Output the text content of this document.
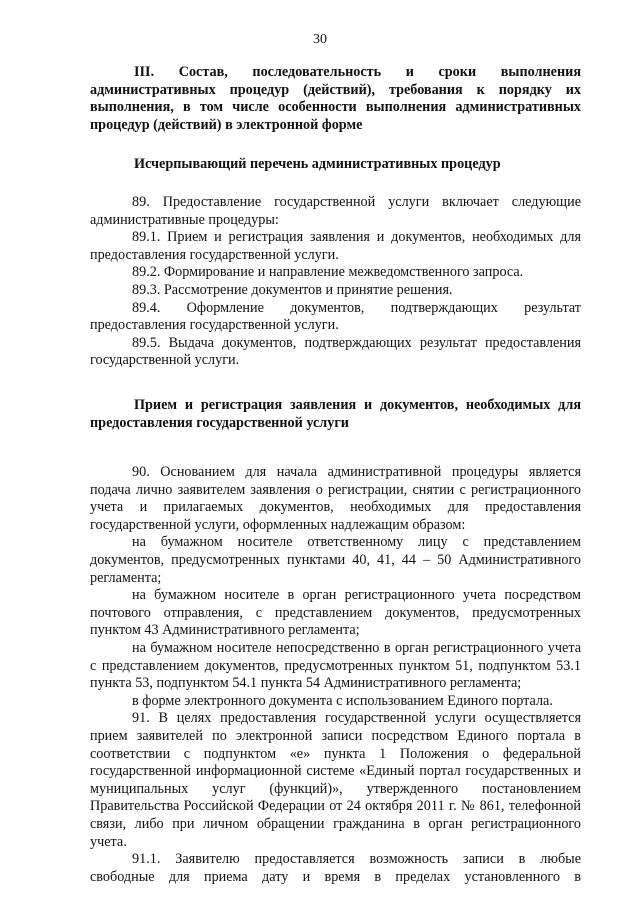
30

III. Состав, последовательность и сроки выполнения административных процедур (действий), требования к порядку их выполнения, в том числе особенности выполнения административных процедур (действий) в электронной форме

Исчерпывающий перечень административных процедур

89. Предоставление государственной услуги включает следующие административные процедуры:

89.1. Прием и регистрация заявления и документов, необходимых для предоставления государственной услуги.

89.2. Формирование и направление межведомственного запроса.

89.3. Рассмотрение документов и принятие решения.

89.4. Оформление документов, подтверждающих результат предоставления государственной услуги.

89.5. Выдача документов, подтверждающих результат предоставления государственной услуги.

Прием и регистрация заявления и документов, необходимых для предоставления государственной услуги

90. Основанием для начала административной процедуры является подача лично заявителем заявления о регистрации, снятии с регистрационного учета и прилагаемых документов, необходимых для предоставления государственной услуги, оформленных надлежащим образом:

на бумажном носителе ответственному лицу с представлением документов, предусмотренных пунктами 40, 41, 44 – 50 Административного регламента;

на бумажном носителе в орган регистрационного учета посредством почтового отправления, с представлением документов, предусмотренных пунктом 43 Административного регламента;

на бумажном носителе непосредственно в орган регистрационного учета с представлением документов, предусмотренных пунктом 51, подпунктом 53.1 пункта 53, подпунктом 54.1 пункта 54 Административного регламента;

в форме электронного документа с использованием Единого портала.

91. В целях предоставления государственной услуги осуществляется прием заявителей по электронной записи посредством Единого портала в соответствии с подпунктом «е» пункта 1 Положения о федеральной государственной информационной системе «Единый портал государственных и муниципальных услуг (функций)», утвержденного постановлением Правительства Российской Федерации от 24 октября 2011 г. № 861, телефонной связи, либо при личном обращении гражданина в орган регистрационного учета.

91.1. Заявителю предоставляется возможность записи в любые свободные для приема дату и время в пределах установленного в
